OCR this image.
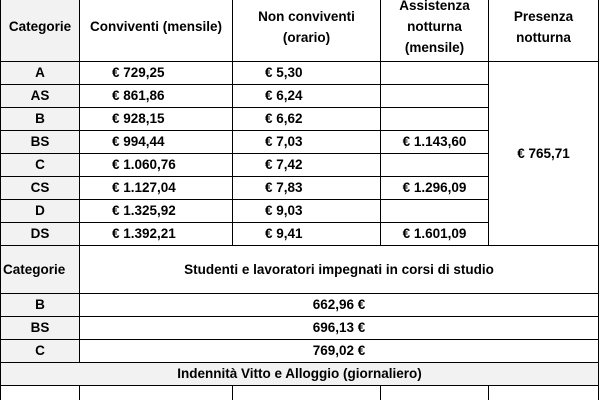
Categorie	Conviventi (mensile)	Non conviventi (orario)	Assistenza notturna (mensile)	Presenza notturna
A	€ 729,25	€ 5,30		€ 765,71
AS	€ 861,86	€ 6,24		
B	€ 928,15	€ 6,62		
BS	€ 994,44	€ 7,03	€ 1.143,60	
C	€ 1.060,76	€ 7,42		
CS	€ 1.127,04	€ 7,83	€ 1.296,09	
D	€ 1.325,92	€ 9,03		
DS	€ 1.392,21	€ 9,41	€ 1.601,09	
Categorie	Studenti e lavoratori impegnati in corsi di studio			
B	662,96 €			
BS	696,13 €			
C	769,02 €			
Indennità Vitto e Alloggio (giornaliero)				
